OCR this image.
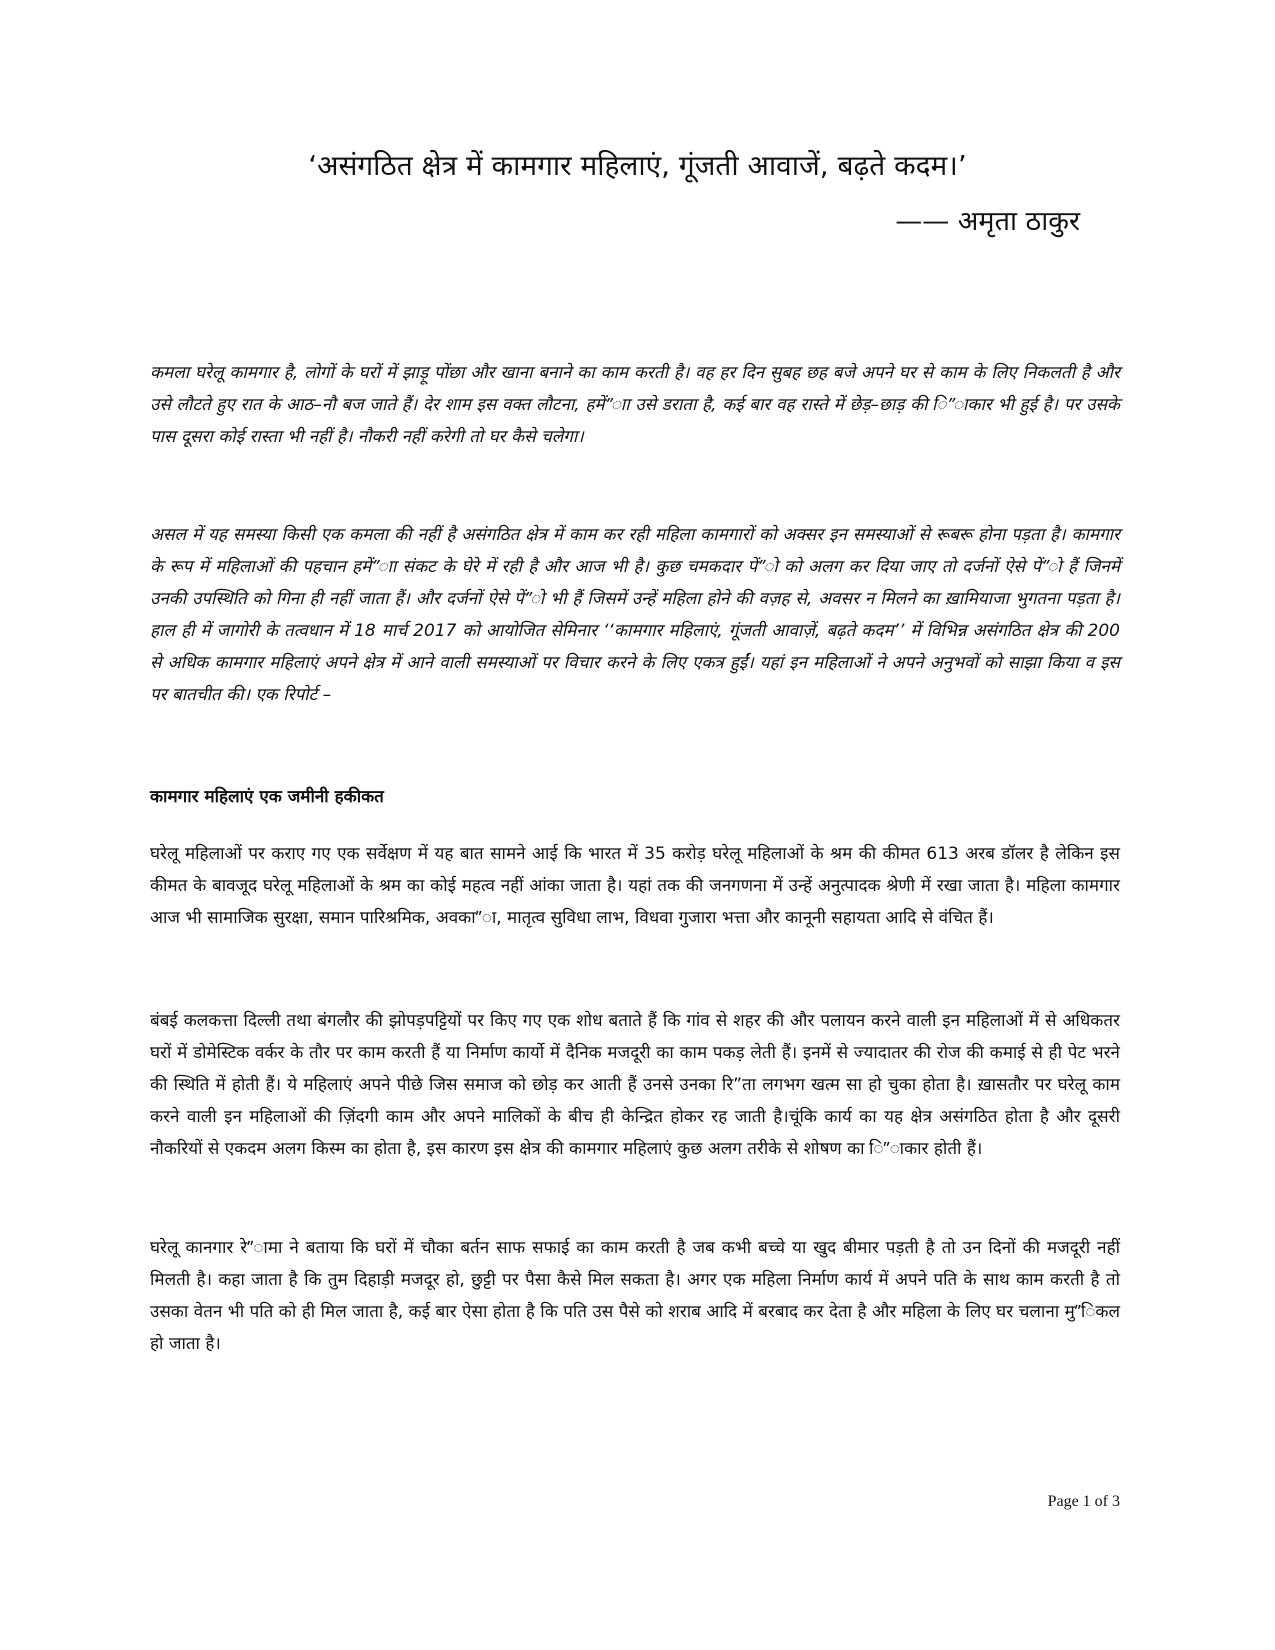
‘असंगठित क्षेत्र में कामगार महिलाएं, गूंजती आवाजें, बढ़ते कदम।’

—— अमृता ठाकुर

कमला घरेलू कामगार है, लोगों के घरों में झाड़ू पोंछा और खाना बनाने का काम करती है। वह हर दिन सुबह छह बजे अपने घर से काम के लिए निकलती है और उसे लौटते हुए रात के आठ–नौ बज जाते हैं। देर शाम इस वक्त लौटना, हमें”ाा उसे डराता है, कई बार वह रास्ते में छेड़–छाड़ की ि”ाकार भी हुई है। पर उसके पास दूसरा कोई रास्ता भी नहीं है। नौकरी नहीं करेगी तो घर कैसे चलेगा।

असल में यह समस्या किसी एक कमला की नहीं है असंगठित क्षेत्र में काम कर रही महिला कामगारों को अक्सर इन समस्याओं से रूबरू होना पड़ता है। कामगार के रूप में महिलाओं की पहचान हमें”ाा संकट के घेरे में रही है और आज भी है। कुछ चमकदार पें”ो को अलग कर दिया जाए तो दर्जनों ऐसे पें”ो हैं जिनमें उनकी उपस्थिति को गिना ही नहीं जाता हैं। और दर्जनों ऐसे पें”ो भी हैं जिसमें उन्हें महिला होने की वज़ह से, अवसर न मिलने का ख़ामियाजा भुगतना पड़ता है। हाल ही में जागोरी के तत्वधान में 18 मार्च 2017 को आयोजित सेमिनार ‘‘कामगार महिलाएं, गूंजती आवाज़ें, बढ़ते कदम’’ में विभिन्न असंगठित क्षेत्र की 200 से अधिक कामगार महिलाएं अपने क्षेत्र में आने वाली समस्याओं पर विचार करने के लिए एकत्र हुईं। यहां इन महिलाओं ने अपने अनुभवों को साझा किया व इस पर बातचीत की। एक रिपोर्ट –

कामगार महिलाएं एक जमीनी हकीकत

घरेलू महिलाओं पर कराए गए एक सर्वेक्षण में यह बात सामने आई कि भारत में 35 करोड़ घरेलू महिलाओं के श्रम की कीमत 613 अरब डॉलर है लेकिन इस कीमत के बावजूद घरेलू महिलाओं के श्रम का कोई महत्व नहीं आंका जाता है। यहां तक की जनगणना में उन्हें अनुत्पादक श्रेणी में रखा जाता है। महिला कामगार आज भी सामाजिक सुरक्षा, समान पारिश्रमिक, अवका”ा, मातृत्व सुविधा लाभ, विधवा गुजारा भत्ता और कानूनी सहायता आदि से वंचित हैं।

बंबई कलकत्ता दिल्ली तथा बंगलौर की झोपड़पट्टियों पर किए गए एक शोध बताते हैं कि गांव से शहर की और पलायन करने वाली इन महिलाओं में से अधिकतर घरों में डोमेस्टिक वर्कर के तौर पर काम करती हैं या निर्माण कार्यो में दैनिक मजदूरी का काम पकड़ लेती हैं। इनमें से ज्यादातर की रोज की कमाई से ही पेट भरने की स्थिति में होती हैं। ये महिलाएं अपने पीछे जिस समाज को छोड़ कर आती हैं उनसे उनका रि”ता लगभग खत्म सा हो चुका होता है। ख़ासतौर पर घरेलू काम करने वाली इन महिलाओं की ज़िंदगी काम और अपने मालिकों के बीच ही केन्द्रित होकर रह जाती है।चूंकि कार्य का यह क्षेत्र असंगठित होता है और दूसरी नौकरियों से एकदम अलग किस्म का होता है, इस कारण इस क्षेत्र की कामगार महिलाएं कुछ अलग तरीके से शोषण का ि”ाकार होती हैं।

घरेलू कानगार रे”ामा ने बताया कि घरों में चौका बर्तन साफ सफाई का काम करती है जब कभी बच्चे या खुद बीमार पड़ती है तो उन दिनों की मजदूरी नहीं मिलती है। कहा जाता है कि तुम दिहाड़ी मजदूर हो, छुट्टी पर पैसा कैसे मिल सकता है। अगर एक महिला निर्माण कार्य में अपने पति के साथ काम करती है तो उसका वेतन भी पति को ही मिल जाता है, कई बार ऐसा होता है कि पति उस पैसे को शराब आदि में बरबाद कर देता है और महिला के लिए घर चलाना मु”िकल हो जाता है।

Page 1 of 3
